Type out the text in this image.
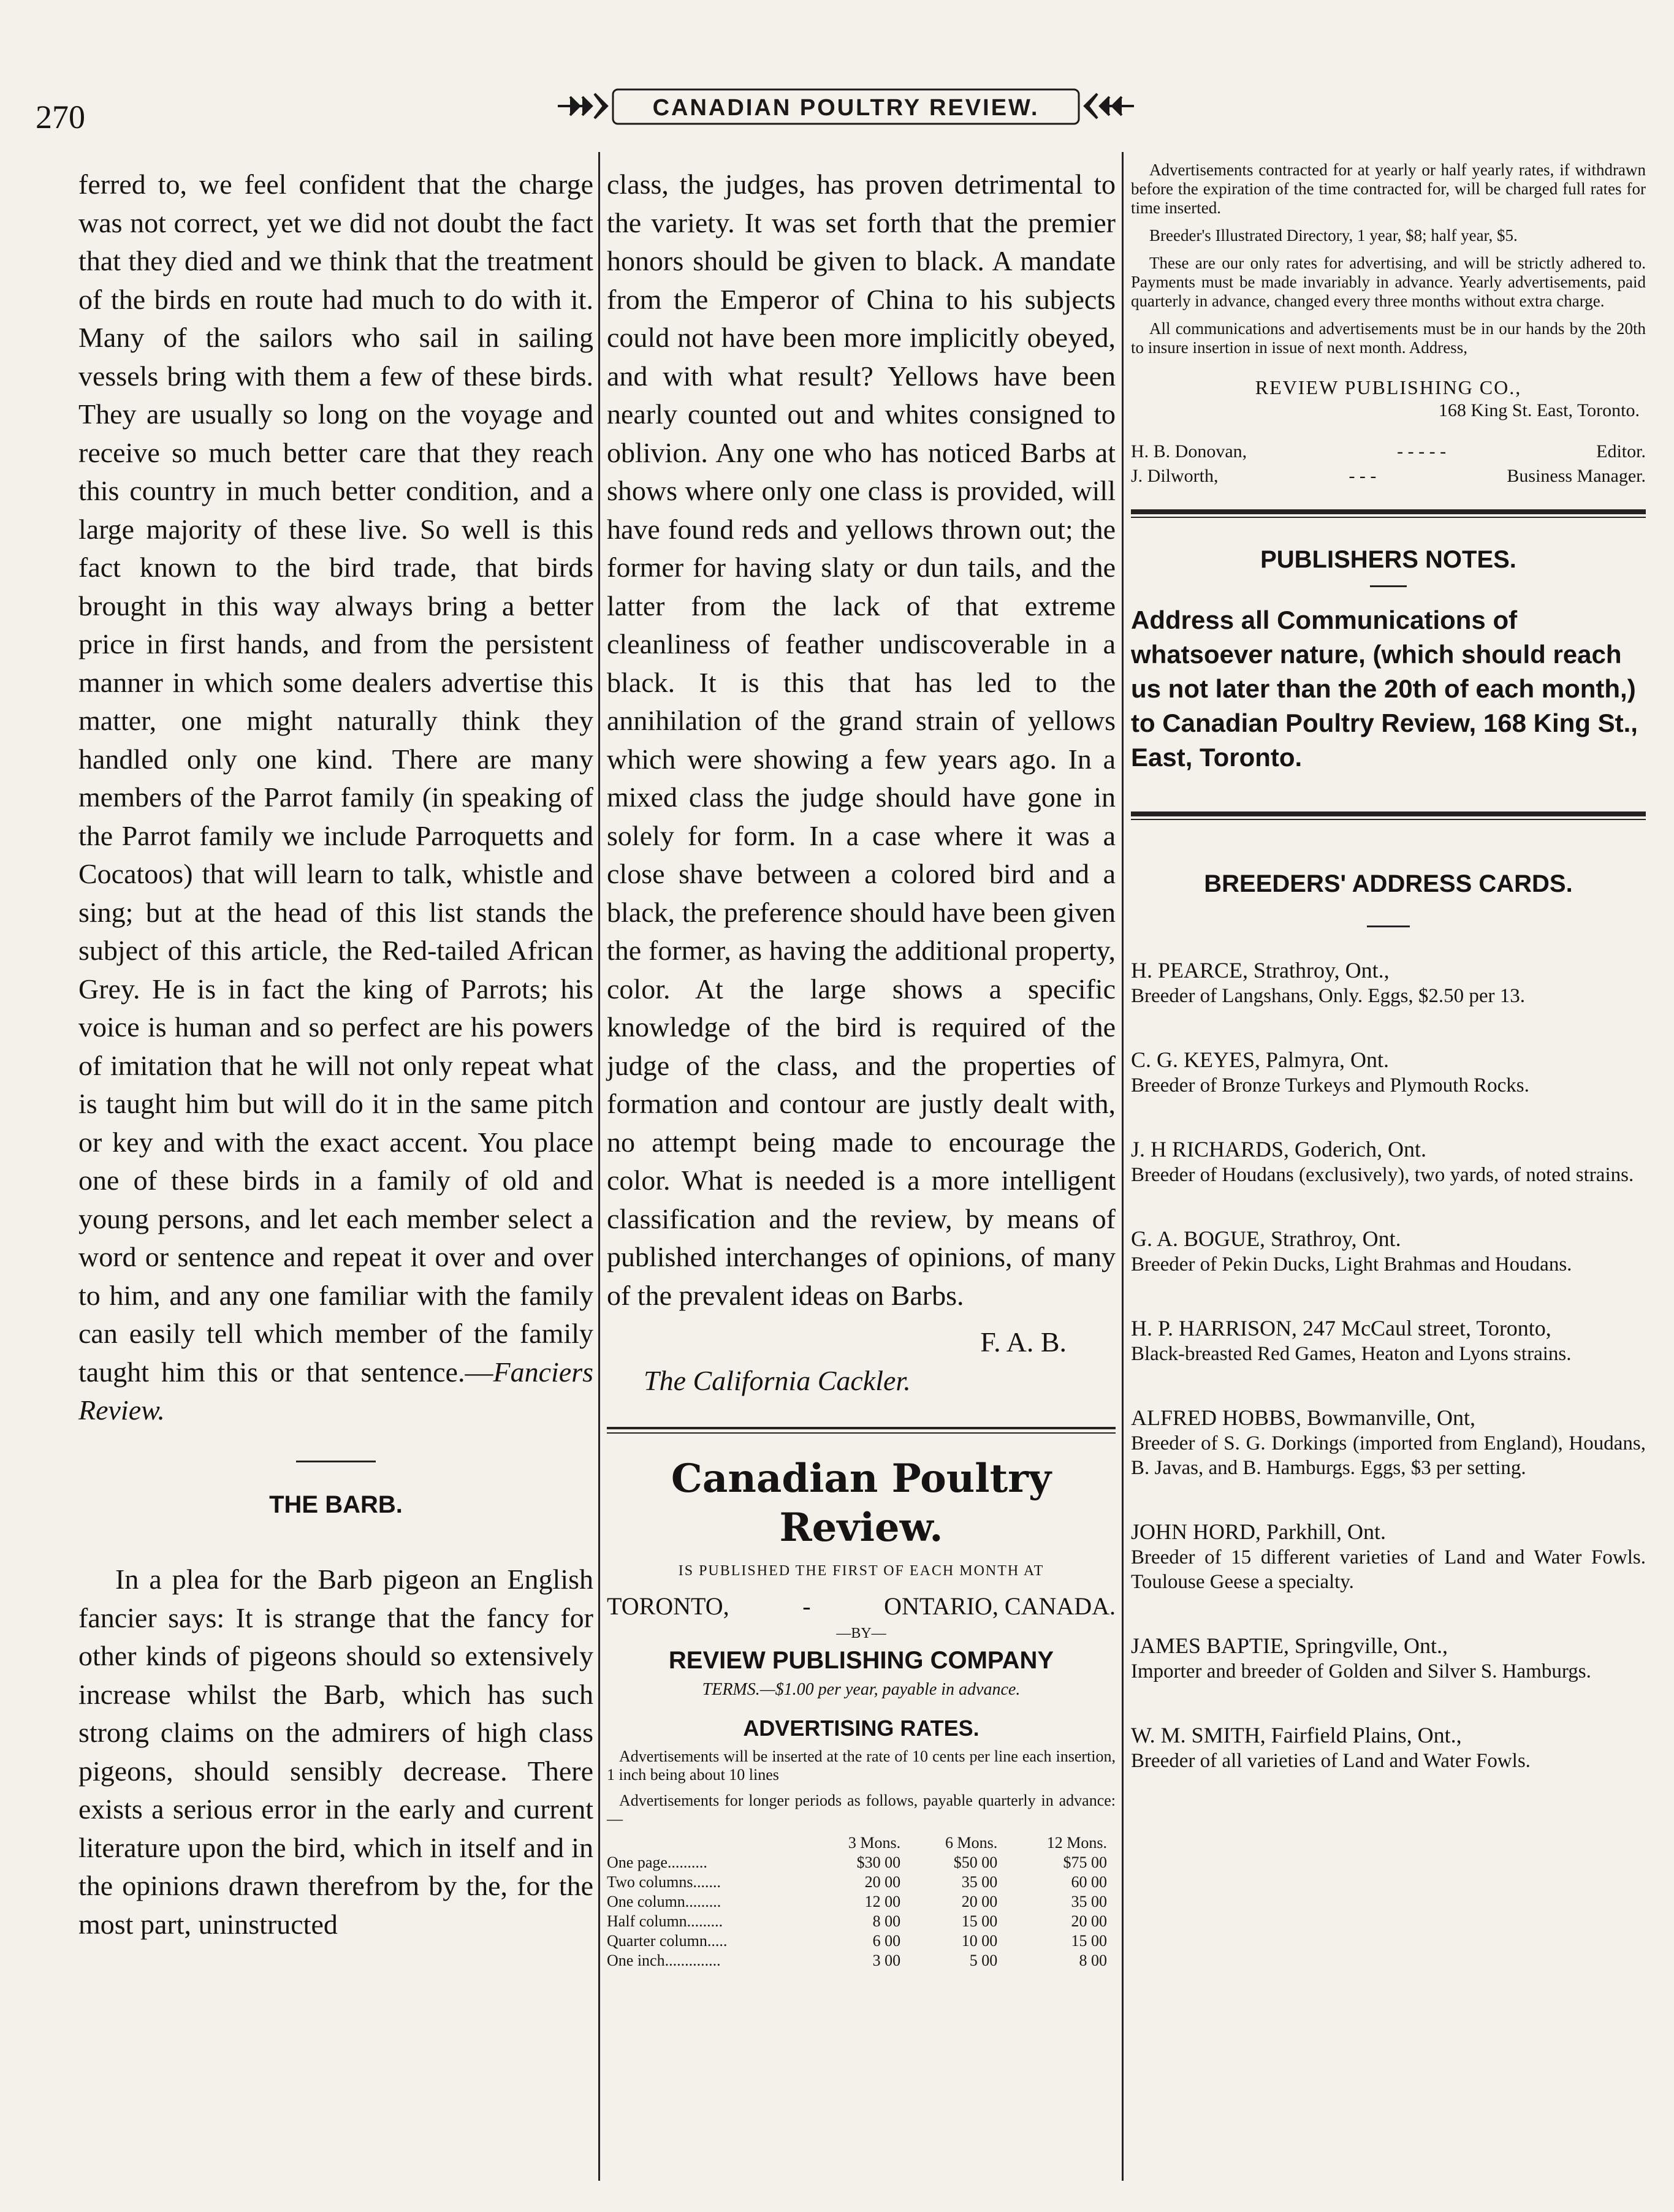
270	CANADIAN POULTRY REVIEW.

ferred to, we feel confident that the charge was not correct, yet we did not doubt the fact that they died and we think that the treatment of the birds en route had much to do with it. Many of the sailors who sail in sailing vessels bring with them a few of these birds. They are usually so long on the voyage and receive so much better care that they reach this country in much better condition, and a large majority of these live. So well is this fact known to the bird trade, that birds brought in this way always bring a better price in first hands, and from the persistent manner in which some dealers advertise this matter, one might naturally think they handled only one kind. There are many members of the Parrot family (in speaking of the Parrot family we include Parroquetts and Cocatoos) that will learn to talk, whistle and sing; but at the head of this list stands the subject of this article, the Red-tailed African Grey. He is in fact the king of Parrots; his voice is human and so perfect are his powers of imitation that he will not only repeat what is taught him but will do it in the same pitch or key and with the exact accent. You place one of these birds in a family of old and young persons, and let each member select a word or sentence and repeat it over and over to him, and any one familiar with the family can easily tell which member of the family taught him this or that sentence.—Fanciers Review.

THE BARB.

In a plea for the Barb pigeon an English fancier says: It is strange that the fancy for other kinds of pigeons should so extensively increase whilst the Barb, which has such strong claims on the admirers of high class pigeons, should sensibly decrease. There exists a serious error in the early and current literature upon the bird, which in itself and in the opinions drawn therefrom by the, for the most part, uninstructed

class, the judges, has proven detrimental to the variety. It was set forth that the premier honors should be given to black. A mandate from the Emperor of China to his subjects could not have been more implicitly obeyed, and with what result? Yellows have been nearly counted out and whites consigned to oblivion. Any one who has noticed Barbs at shows where only one class is provided, will have found reds and yellows thrown out; the former for having slaty or dun tails, and the latter from the lack of that extreme cleanliness of feather undiscoverable in a black. It is this that has led to the annihilation of the grand strain of yellows which were showing a few years ago. In a mixed class the judge should have gone in solely for form. In a case where it was a close shave between a colored bird and a black, the preference should have been given the former, as having the additional property, color. At the large shows a specific knowledge of the bird is required of the judge of the class, and the properties of formation and contour are justly dealt with, no attempt being made to encourage the color. What is needed is a more intelligent classification and the review, by means of published interchanges of opinions, of many of the prevalent ideas on Barbs.

F. A. B.

The California Cackler.

Canadian Poultry Review.

IS PUBLISHED THE FIRST OF EACH MONTH AT

TORONTO,	-	ONTARIO, CANADA.
—BY—
REVIEW PUBLISHING COMPANY
TERMS.—$1.00 per year, payable in advance.
ADVERTISING RATES.

Advertisements will be inserted at the rate of 10 cents per line each insertion, 1 inch being about 10 lines

Advertisements for longer periods as follows, payable quarterly in advance:—

	3 Mons.	6 Mons.	12 Mons.
One page..........	$30 00	$50 00	$75 00
Two columns.......	20 00	35 00	60 00
One column.........	12 00	20 00	35 00
Half column.........	8 00	15 00	20 00
Quarter column.....	6 00	10 00	15 00
One inch..............	3 00	5 00	8 00

Advertisements contracted for at yearly or half yearly rates, if withdrawn before the expiration of the time contracted for, will be charged full rates for time inserted.

Breeder's Illustrated Directory, 1 year, $8; half year, $5.

These are our only rates for advertising, and will be strictly adhered to. Payments must be made invariably in advance. Yearly advertisements, paid quarterly in advance, changed every three months without extra charge.

All communications and advertisements must be in our hands by the 20th to insure insertion in issue of next month. Address,

REVIEW PUBLISHING CO.,
168 King St. East, Toronto.
H. B. Donovan,	- - - - -	Editor.
J. Dilworth,	- - -	Business Manager.
PUBLISHERS NOTES.
Address all Communications of whatsoever nature, (which should reach us not later than the 20th of each month,) to Canadian Poultry Review, 168 King St., East, Toronto.
BREEDERS' ADDRESS CARDS.
H. PEARCE, Strathroy, Ont.,
Breeder of Langshans, Only. Eggs, $2.50 per 13.
C. G. KEYES, Palmyra, Ont.
Breeder of Bronze Turkeys and Plymouth Rocks.
J. H RICHARDS, Goderich, Ont.
Breeder of Houdans (exclusively), two yards, of noted strains.
G. A. BOGUE, Strathroy, Ont.
Breeder of Pekin Ducks, Light Brahmas and Houdans.
H. P. HARRISON, 247 McCaul street, Toronto,
Black-breasted Red Games, Heaton and Lyons strains.
ALFRED HOBBS, Bowmanville, Ont,
Breeder of S. G. Dorkings (imported from England), Houdans, B. Javas, and B. Hamburgs. Eggs, $3 per setting.
JOHN HORD, Parkhill, Ont.
Breeder of 15 different varieties of Land and Water Fowls. Toulouse Geese a specialty.
JAMES BAPTIE, Springville, Ont.,
Importer and breeder of Golden and Silver S. Hamburgs.
W. M. SMITH, Fairfield Plains, Ont.,
Breeder of all varieties of Land and Water Fowls.
